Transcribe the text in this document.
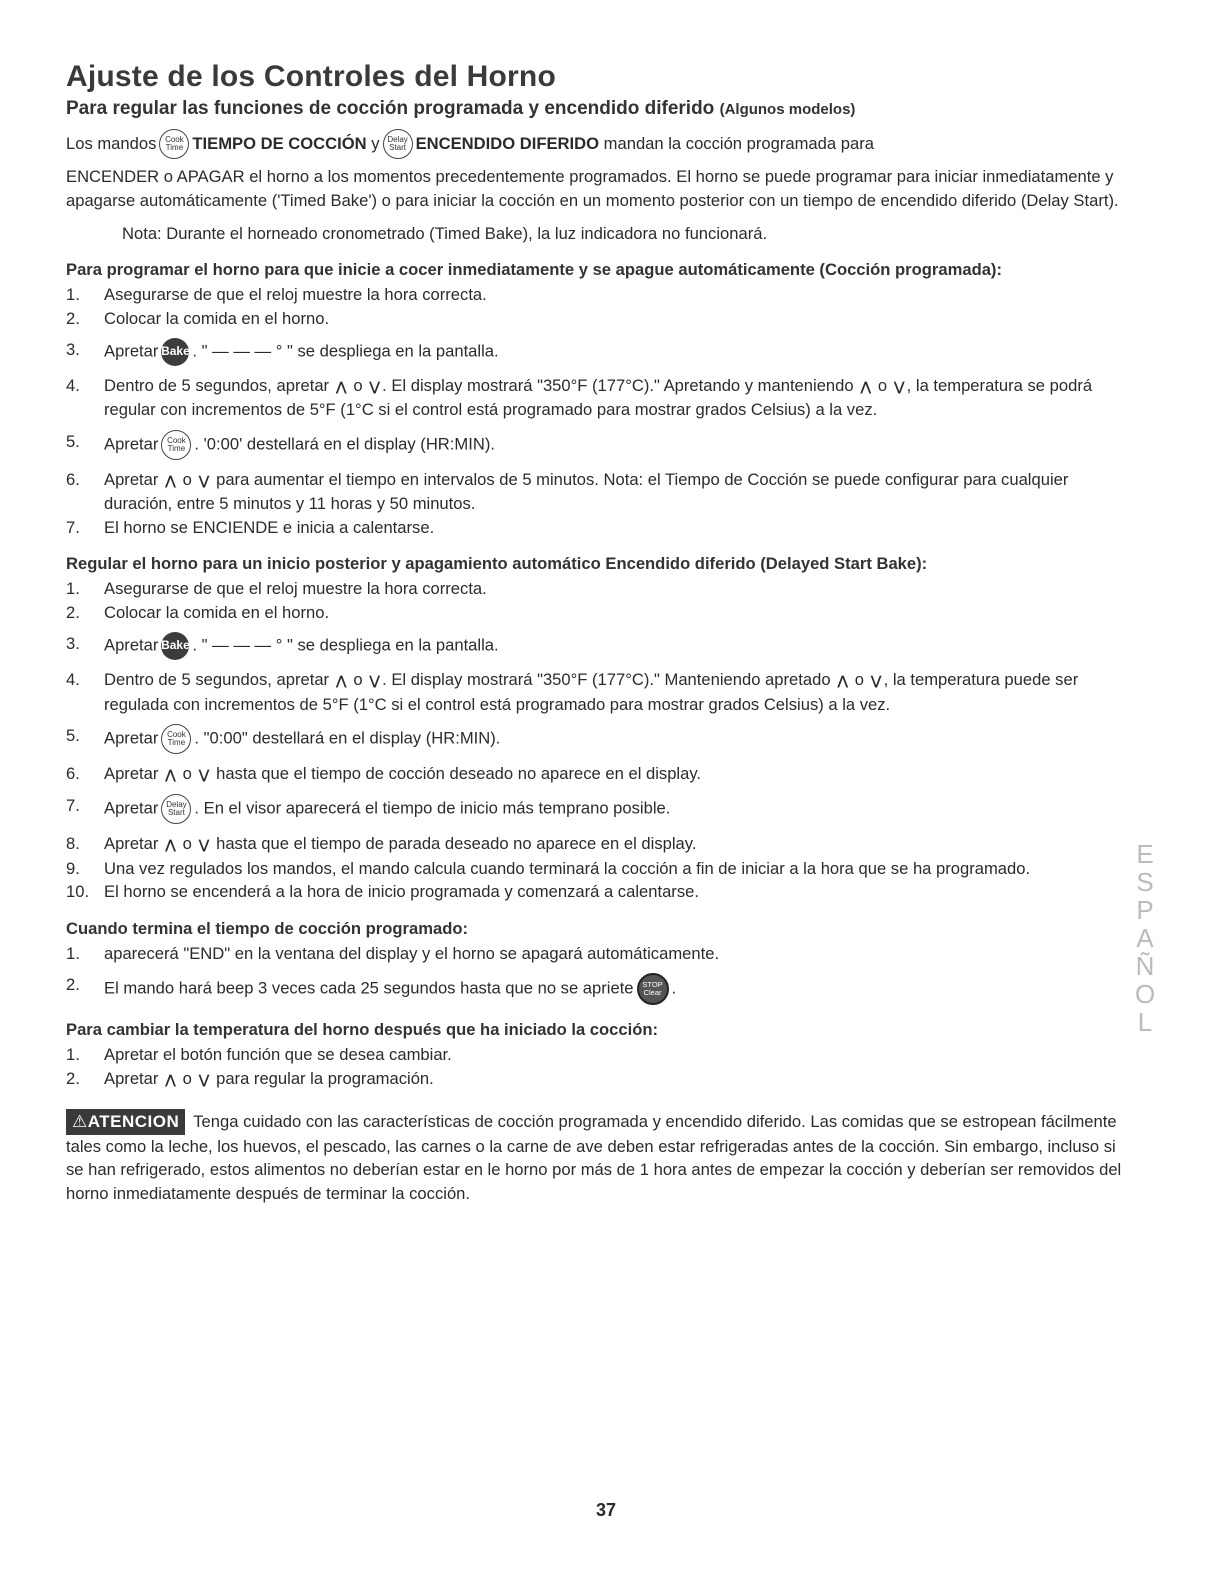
Ajuste de los Controles del Horno
Para regular las funciones de cocción programada y encendido diferido (Algunos modelos)
Los mandos Cook
Time TIEMPO DE COCCIÓN
y Delay
Start ENCENDIDO DIFERIDO
mandan la cocción programada para

ENCENDER o APAGAR el horno a los momentos precedentemente programados. El horno se puede programar para iniciar inmediatamente y apagarse automáticamente ('Timed Bake') o para iniciar la cocción en un momento posterior con un tiempo de encendido diferido (Delay Start).

Nota: Durante el horneado cronometrado (Timed Bake), la luz indicadora no funcionará.

Para programar el horno para que inicie a cocer inmediatamente y se apague automáticamente (Cocción programada):
1.	Asegurarse de que el reloj muestre la hora correcta.
2.	Colocar la comida en el horno.
3.	Apretar Bake . " — — — ° " se despliega en la pantalla.
4.	Dentro de 5 segundos, apretar ⋀ o ⋁ . El display mostrará "350°F (177°C)." Apretando y manteniendo ⋀ o ⋁ , la temperatura se podrá regular con incrementos de 5°F (1°C si el control está programado para mostrar grados Celsius) a la vez.
5.	Apretar Cook
Time . '0:00' destellará en el display (HR:MIN).
6.	Apretar ⋀ o ⋁ para aumentar el tiempo en intervalos de 5 minutos. Nota: el Tiempo de Cocción se puede configurar para cualquier duración, entre 5 minutos y 11 horas y 50 minutos.
7.	El horno se ENCIENDE e inicia a calentarse.
Regular el horno para un inicio posterior y apagamiento automático Encendido diferido (Delayed Start Bake):
1.	Asegurarse de que el reloj muestre la hora correcta.
2.	Colocar la comida en el horno.
3.	Apretar Bake . " — — — ° " se despliega en la pantalla.
4.	Dentro de 5 segundos, apretar ⋀ o ⋁ . El display mostrará "350°F (177°C)." Manteniendo apretado ⋀ o ⋁ , la temperatura puede ser regulada con incrementos de 5°F (1°C si el control está programado para mostrar grados Celsius) a la vez.
5.	Apretar Cook
Time . "0:00" destellará en el display (HR:MIN).
6.	Apretar ⋀ o ⋁ hasta que el tiempo de cocción deseado no aparece en el display.
7.	Apretar Delay
Start . En el visor aparecerá el tiempo de inicio más temprano posible.
8.	Apretar ⋀ o ⋁ hasta que el tiempo de parada deseado no aparece en el display.
9.	Una vez regulados los mandos, el mando calcula cuando terminará la cocción a fin de iniciar a la hora que se ha programado.
10. El horno se encenderá a la hora de inicio programada y comenzará a calentarse.
Cuando termina el tiempo de cocción programado:
1.	aparecerá "END" en la ventana del display y el horno se apagará automáticamente.
2.	El mando hará beep 3 veces cada 25 segundos hasta que no se apriete STOP
Clear .
Para cambiar la temperatura del horno después que ha iniciado la cocción:
1.	Apretar el botón función que se desea cambiar.
2.	Apretar ⋀ o ⋁ para regular la programación.
⚠ATENCION Tenga cuidado con las características de cocción programada y encendido diferido. Las comidas que se estropean fácilmente tales como la leche, los huevos, el pescado, las carnes o la carne de ave deben estar refrigeradas antes de la cocción. Sin embargo, incluso si se han refrigerado, estos alimentos no deberían estar en le horno por más de 1 hora antes de empezar la cocción y deberían ser removidos del horno inmediatamente después de terminar la cocción.
ESPAÑOL
37
